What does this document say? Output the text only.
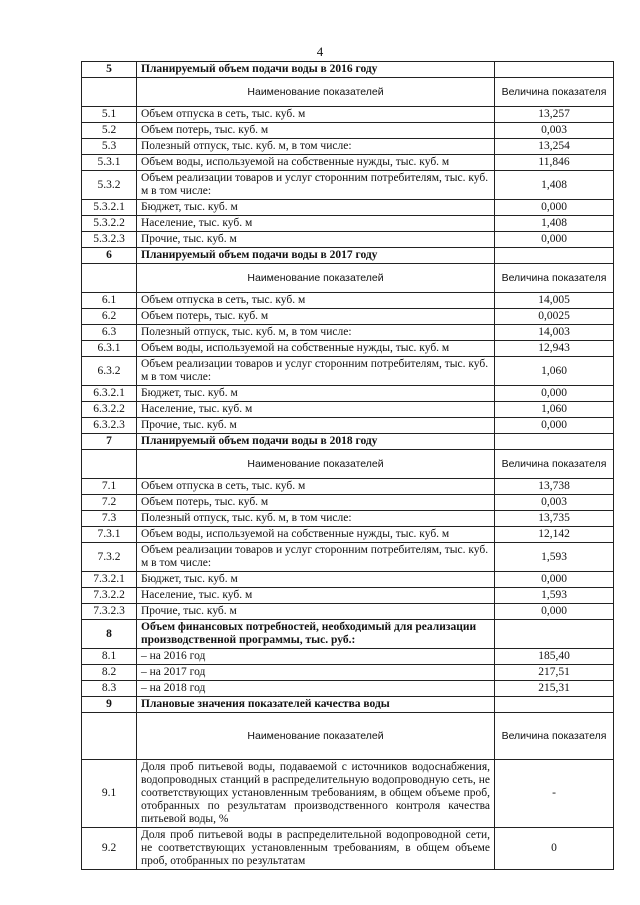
4
5	Планируемый объем подачи воды в 2016 году	
	Наименование показателей	Величина показателя
5.1	Объем отпуска в сеть, тыс. куб. м	13,257
5.2	Объем потерь, тыс. куб. м	0,003
5.3	Полезный отпуск, тыс. куб. м, в том числе:	13,254
5.3.1	Объем воды, используемой на собственные нужды, тыс. куб. м	11,846
5.3.2	Объем реализации товаров и услуг сторонним потребителям, тыс. куб. м в том числе:	1,408
5.3.2.1	Бюджет, тыс. куб. м	0,000
5.3.2.2	Население, тыс. куб. м	1,408
5.3.2.3	Прочие, тыс. куб. м	0,000
6	Планируемый объем подачи воды в 2017 году	
	Наименование показателей	Величина показателя
6.1	Объем отпуска в сеть, тыс. куб. м	14,005
6.2	Объем потерь, тыс. куб. м	0,0025
6.3	Полезный отпуск, тыс. куб. м, в том числе:	14,003
6.3.1	Объем воды, используемой на собственные нужды, тыс. куб. м	12,943
6.3.2	Объем реализации товаров и услуг сторонним потребителям, тыс. куб. м в том числе:	1,060
6.3.2.1	Бюджет, тыс. куб. м	0,000
6.3.2.2	Население, тыс. куб. м	1,060
6.3.2.3	Прочие, тыс. куб. м	0,000
7	Планируемый объем подачи воды в 2018 году	
	Наименование показателей	Величина показателя
7.1	Объем отпуска в сеть, тыс. куб. м	13,738
7.2	Объем потерь, тыс. куб. м	0,003
7.3	Полезный отпуск, тыс. куб. м, в том числе:	13,735
7.3.1	Объем воды, используемой на собственные нужды, тыс. куб. м	12,142
7.3.2	Объем реализации товаров и услуг сторонним потребителям, тыс. куб. м в том числе:	1,593
7.3.2.1	Бюджет, тыс. куб. м	0,000
7.3.2.2	Население, тыс. куб. м	1,593
7.3.2.3	Прочие, тыс. куб. м	0,000
8	Объем финансовых потребностей, необходимый для реализации производственной программы, тыс. руб.:	
8.1	– на 2016 год	185,40
8.2	– на 2017 год	217,51
8.3	– на 2018 год	215,31
9	Плановые значения показателей качества воды	
	Наименование показателей	Величина показателя
9.1	Доля проб питьевой воды, подаваемой с источников водоснабжения, водопроводных станций в распределительную водопроводную сеть, не соответствующих установленным требованиям, в общем объеме проб, отобранных по результатам производственного контроля качества питьевой воды, %	-
9.2	Доля проб питьевой воды в распределительной водопроводной сети, не соответствующих установленным требованиям, в общем объеме проб, отобранных по результатам	0
